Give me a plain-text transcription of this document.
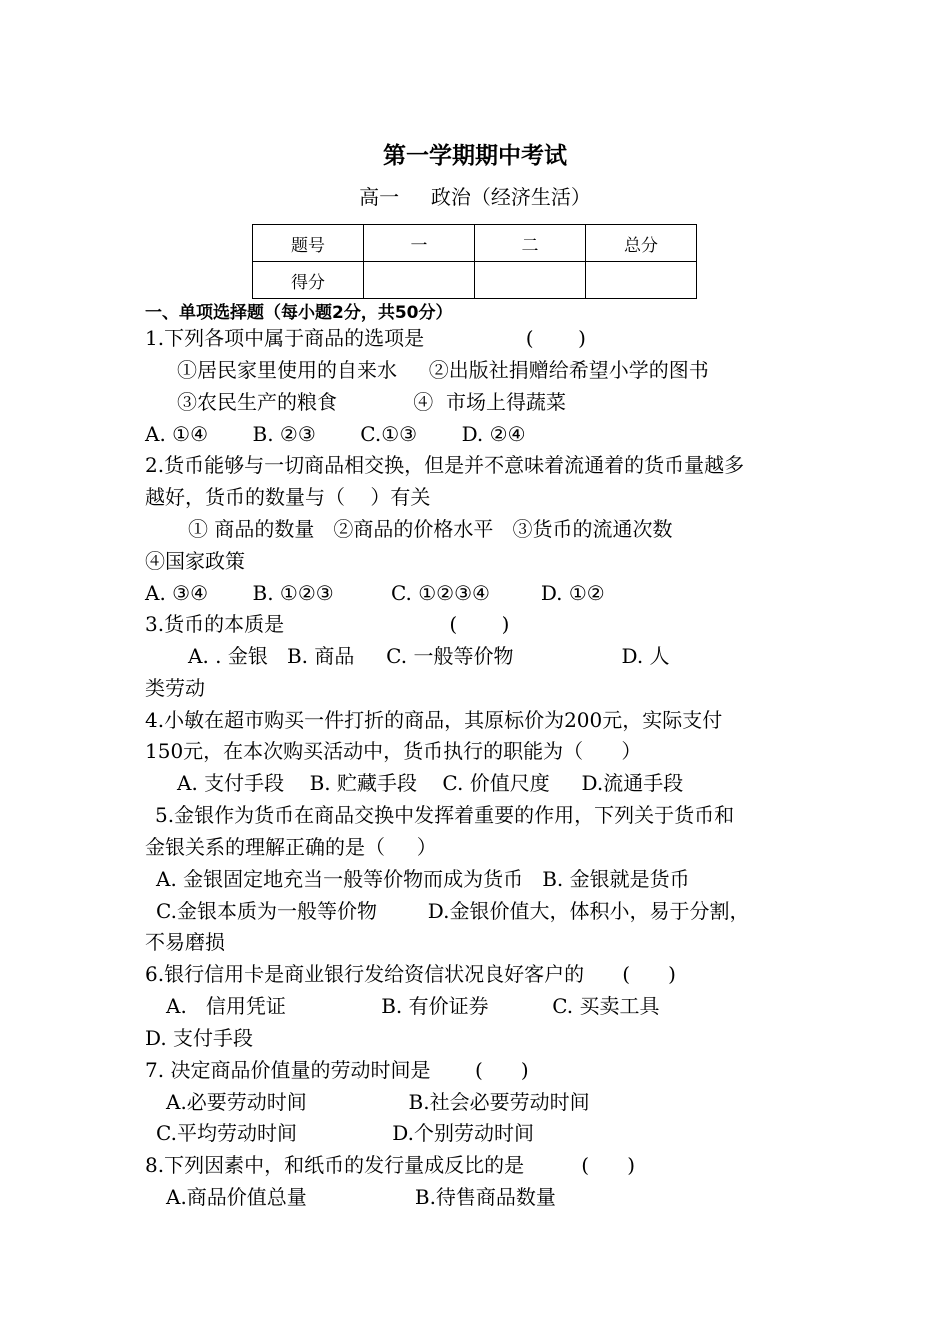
第一学期期中考试
高一     政治（经济生活）
题号	一	二	总分
得分			
一、单项选择题（每小题2分，共50分）
1.下列各项中属于商品的选项是                (       )
①居民家里使用的自来水     ②出版社捐赠给希望小学的图书
③农民生产的粮食            ④  市场上得蔬菜
A. ①④       B. ②③       C.①③       D. ②④
2.货币能够与一切商品相交换，但是并不意味着流通着的货币量越多
越好，货币的数量与（    ）有关
① 商品的数量   ②商品的价格水平   ③货币的流通次数
④国家政策
A. ③④       B. ①②③         C. ①②③④        D. ①②
3.货币的本质是                          (       )
A. . 金银   B. 商品     C. 一般等价物                 D. 人
类劳动
4.小敏在超市购买一件打折的商品，其原标价为200元，实际支付
150元，在本次购买活动中，货币执行的职能为（      ）
A. 支付手段    B. 贮藏手段    C. 价值尺度     D.流通手段
5.金银作为货币在商品交换中发挥着重要的作用，下列关于货币和
金银关系的理解正确的是（     ）
A. 金银固定地充当一般等价物而成为货币   B. 金银就是货币
C.金银本质为一般等价物        D.金银价值大，体积小，易于分割，
不易磨损
6.银行信用卡是商业银行发给资信状况良好客户的      (      )
A.   信用凭证               B. 有价证券          C. 买卖工具
D. 支付手段
7. 决定商品价值量的劳动时间是       (      )
A.必要劳动时间                B.社会必要劳动时间
C.平均劳动时间               D.个别劳动时间
8.下列因素中，和纸币的发行量成反比的是         (      )
A.商品价值总量                 B.待售商品数量
